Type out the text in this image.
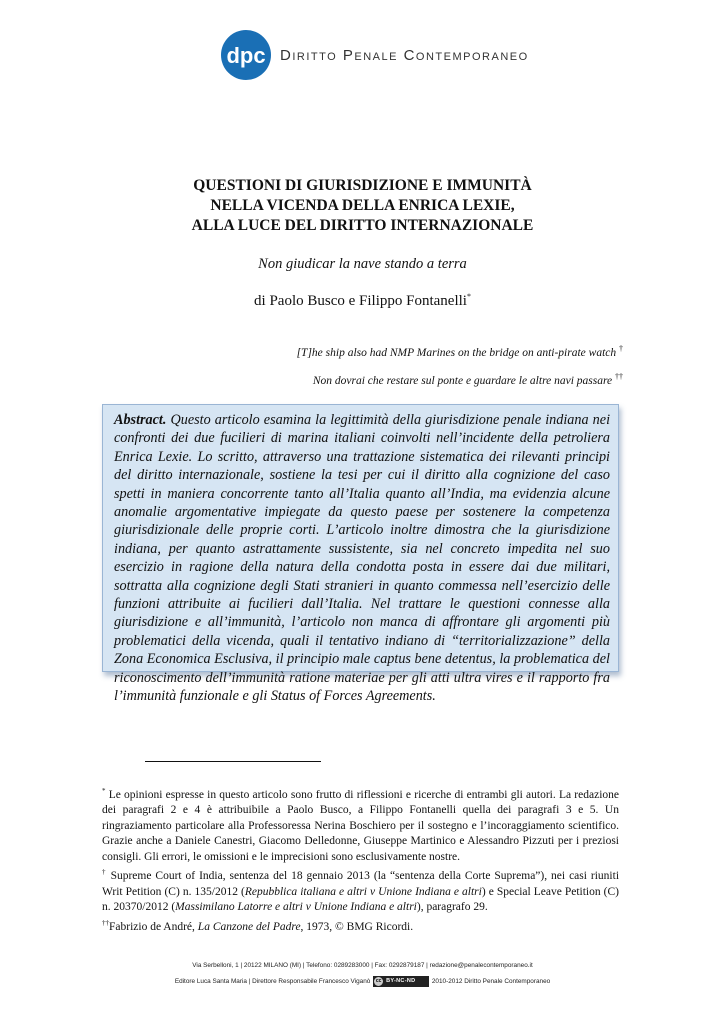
dpc Diritto Penale Contemporaneo
QUESTIONI DI GIURISDIZIONE E IMMUNITÀ
NELLA VICENDA DELLA ENRICA LEXIE,
ALLA LUCE DEL DIRITTO INTERNAZIONALE
Non giudicar la nave stando a terra
di Paolo Busco e Filippo Fontanelli*
[T]he ship also had NMP Marines on the bridge on anti-pirate watch †
Non dovrai che restare sul ponte e guardare le altre navi passare ††

Abstract. Questo articolo esamina la legittimità della giurisdizione penale indiana nei confronti dei due fucilieri di marina italiani coinvolti nell’incidente della petroliera Enrica Lexie. Lo scritto, attraverso una trattazione sistematica dei rilevanti principi del diritto internazionale, sostiene la tesi per cui il diritto alla cognizione del caso spetti in maniera concorrente tanto all’Italia quanto all’India, ma evidenzia alcune anomalie argomentative impiegate da questo paese per sostenere la competenza giurisdizionale delle proprie corti. L’articolo inoltre dimostra che la giurisdizione indiana, per quanto astrattamente sussistente, sia nel concreto impedita nel suo esercizio in ragione della natura della condotta posta in essere dai due militari, sottratta alla cognizione degli Stati stranieri in quanto commessa nell’esercizio delle funzioni attribuite ai fucilieri dall’Italia. Nel trattare le questioni connesse alla giurisdizione e all’immunità, l’articolo non manca di affrontare gli argomenti più problematici della vicenda, quali il tentativo indiano di “territorializzazione” della Zona Economica Esclusiva, il principio male captus bene detentus, la problematica del riconoscimento dell’immunità ratione materiae per gli atti ultra vires e il rapporto fra l’immunità funzionale e gli Status of Forces Agreements.

* Le opinioni espresse in questo articolo sono frutto di riflessioni e ricerche di entrambi gli autori. La redazione dei paragrafi 2 e 4 è attribuibile a Paolo Busco, a Filippo Fontanelli quella dei paragrafi 3 e 5. Un ringraziamento particolare alla Professoressa Nerina Boschiero per il sostegno e l’incoraggiamento scientifico. Grazie anche a Daniele Canestri, Giacomo Delledonne, Giuseppe Martinico e Alessandro Pizzuti per i preziosi consigli. Gli errori, le omissioni e le imprecisioni sono esclusivamente nostre.

† Supreme Court of India, sentenza del 18 gennaio 2013 (la “sentenza della Corte Suprema”), nei casi riuniti Writ Petition (C) n. 135/2012 (Repubblica italiana e altri v Unione Indiana e altri) e Special Leave Petition (C) n. 20370/2012 (Massimilano Latorre e altri v Unione Indiana e altri), paragrafo 29.

††Fabrizio de André, La Canzone del Padre, 1973, © BMG Ricordi.

Via Serbelloni, 1 | 20122 MILANO (MI) | Telefono: 0289283000 | Fax: 0292879187 | redazione@penalecontemporaneo.it
Editore Luca Santa Maria | Direttore Responsabile Francesco Viganò	cc BY-NC-ND	2010-2012 Diritto Penale Contemporaneo
